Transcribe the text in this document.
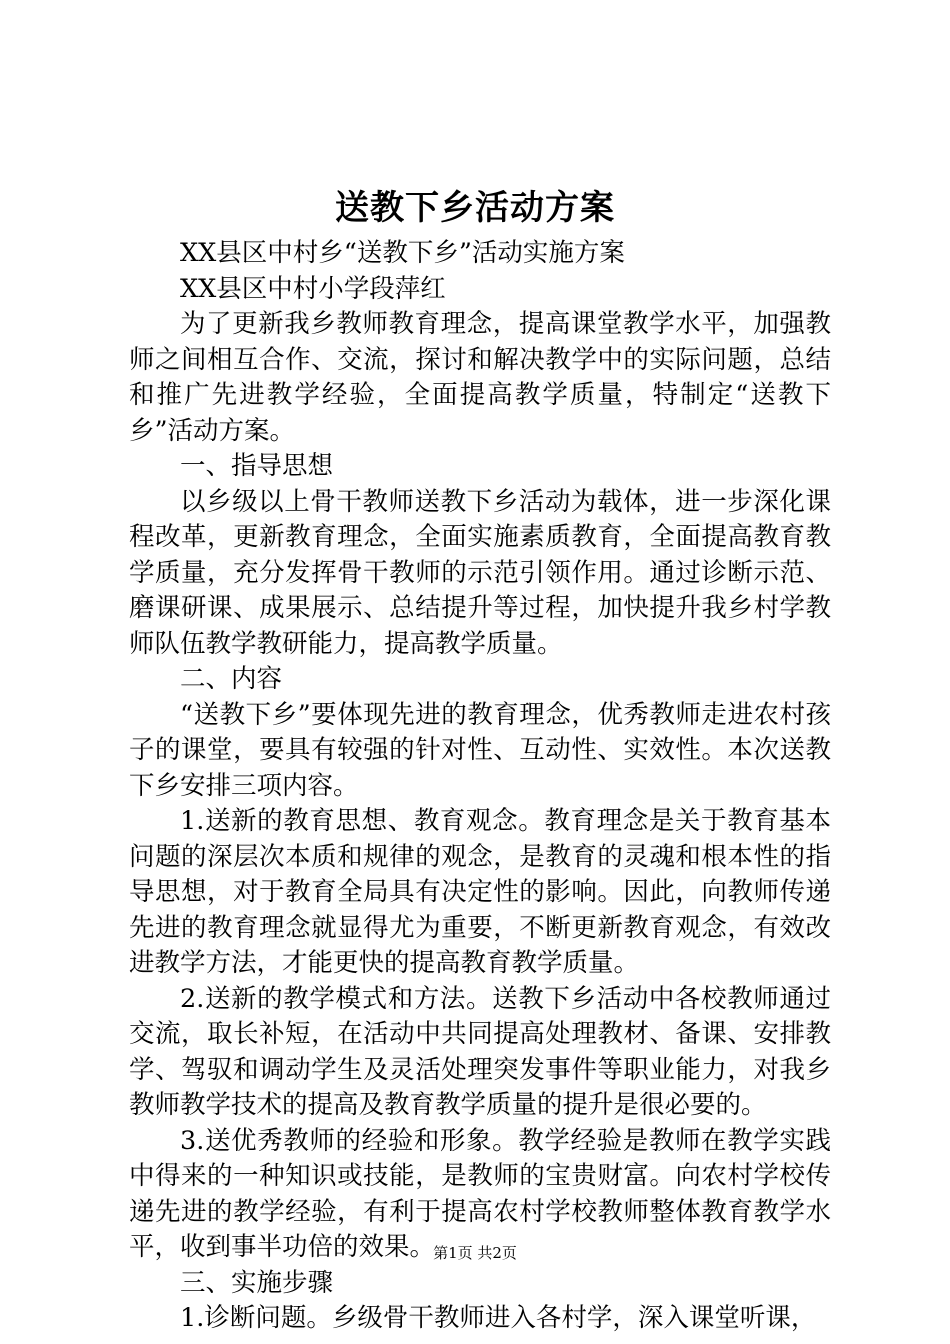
送教下乡活动方案

XX县区中村乡“送教下乡”活动实施方案

XX县区中村小学段萍红

为了更新我乡教师教育理念，提高课堂教学水平，加强教师之间相互合作、交流，探讨和解决教学中的实际问题，总结和推广先进教学经验，全面提高教学质量，特制定“送教下乡”活动方案。

一、指导思想

以乡级以上骨干教师送教下乡活动为载体，进一步深化课程改革，更新教育理念，全面实施素质教育，全面提高教育教学质量，充分发挥骨干教师的示范引领作用。通过诊断示范、磨课研课、成果展示、总结提升等过程，加快提升我乡村学教师队伍教学教研能力，提高教学质量。

二、内容

“送教下乡”要体现先进的教育理念，优秀教师走进农村孩子的课堂，要具有较强的针对性、互动性、实效性。本次送教下乡安排三项内容。

1.送新的教育思想、教育观念。教育理念是关于教育基本问题的深层次本质和规律的观念，是教育的灵魂和根本性的指导思想，对于教育全局具有决定性的影响。因此，向教师传递先进的教育理念就显得尤为重要，不断更新教育观念，有效改进教学方法，才能更快的提高教育教学质量。

2.送新的教学模式和方法。送教下乡活动中各校教师通过交流，取长补短，在活动中共同提高处理教材、备课、安排教学、驾驭和调动学生及灵活处理突发事件等职业能力，对我乡教师教学技术的提高及教育教学质量的提升是很必要的。

3.送优秀教师的经验和形象。教学经验是教师在教学实践中得来的一种知识或技能，是教师的宝贵财富。向农村学校传递先进的教学经验，有利于提高农村学校教师整体教育教学水平，收到事半功倍的效果。

三、实施步骤

1.诊断问题。乡级骨干教师进入各村学，深入课堂听课，

第1页 共2页
